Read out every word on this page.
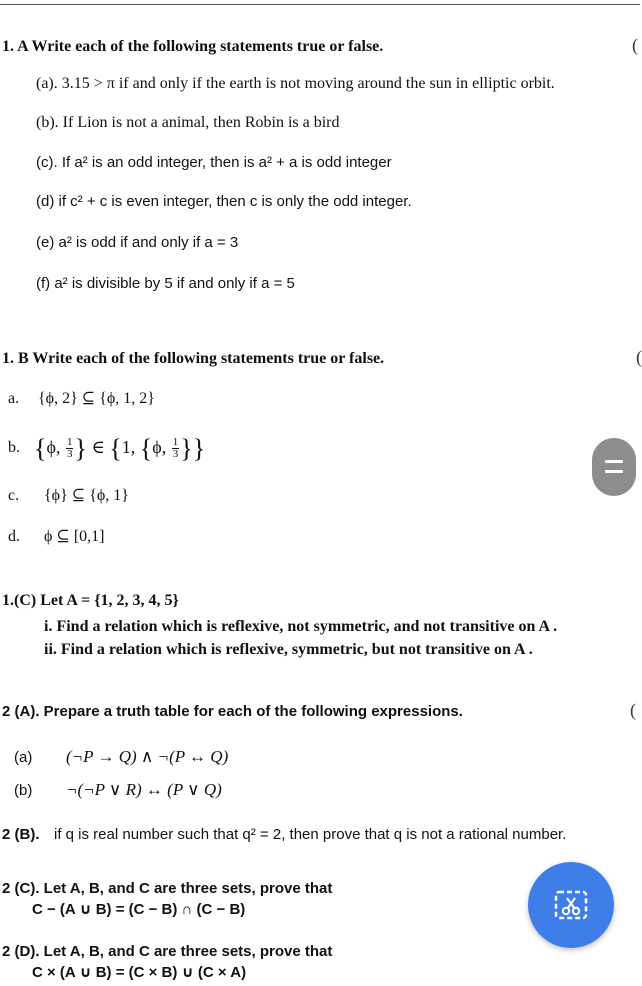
1. A Write each of the following statements true or false.	(
(a). 3.15 > π if and only if the earth is not moving around the sun in elliptic orbit.
(b). If Lion is not a animal, then Robin is a bird
(c). If a² is an odd integer, then is a² + a is odd integer
(d) if c² + c is even integer, then c is only the odd integer.
(e) a² is odd if and only if a = 3
(f) a² is divisible by 5 if and only if a = 5
1. B Write each of the following statements true or false.	(
a. {ϕ, 2} ⊆ {ϕ, 1, 2}
b. {ϕ, $\frac{1}{3}$ } ∈ {1, {ϕ, $\frac{1}{3}$ }}
c. {ϕ} ⊆ {ϕ, 1}
d. ϕ ⊆ [0,1]
1.(C) Let A = {1, 2, 3, 4, 5}
i. Find a relation which is reflexive, not symmetric, and not transitive on A .
ii. Find a relation which is reflexive, symmetric, but not transitive on A .
2 (A). Prepare a truth table for each of the following expressions.	(
(a) (¬P → Q) ∧ ¬(P ↔ Q)
(b) ¬(¬P ∨ R) ↔ (P ∨ Q)
2 (B). if q is real number such that q² = 2, then prove that q is not a rational number.
2 (C). Let A, B, and C are three sets, prove that
C − (A ∪ B) = (C − B) ∩ (C − B)
2 (D). Let A, B, and C are three sets, prove that
C × (A ∪ B) = (C × B) ∪ (C × A)
